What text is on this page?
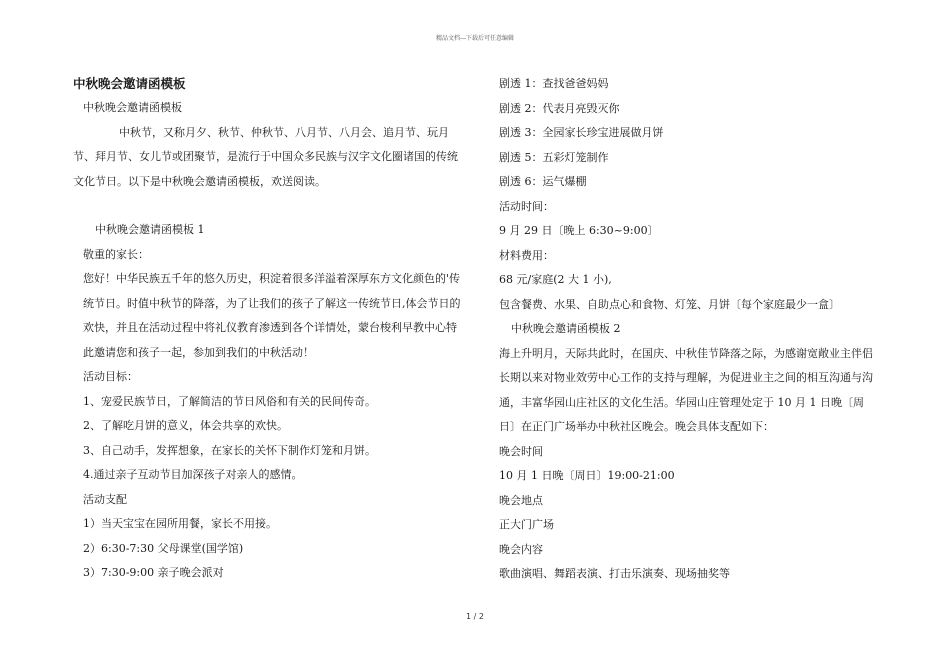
精品文档---下载后可任意编辑
中秋晚会邀请函模板
中秋晚会邀请函模板
中秋节，又称月夕、秋节、仲秋节、八月节、八月会、追月节、玩月节、拜月节、女儿节或团聚节，是流行于中国众多民族与汉字文化圈诸国的传统文化节日。以下是中秋晚会邀请函模板，欢送阅读。
中秋晚会邀请函模板 1
敬重的家长：
您好！中华民族五千年的悠久历史，积淀着很多洋溢着深厚东方文化颜色的'传统节日。时值中秋节的降落，为了让我们的孩子了解这一传统节日,体会节日的欢快，并且在活动过程中将礼仪教育渗透到各个详情处，蒙台梭利早教中心特此邀请您和孩子一起，参加到我们的中秋活动！
活动目标：
1、宠爱民族节日，了解简洁的节日风俗和有关的民间传奇。
2、了解吃月饼的意义，体会共享的欢快。
3、自己动手，发挥想象，在家长的关怀下制作灯笼和月饼。
4.通过亲子互动节目加深孩子对亲人的感情。
活动支配
1）当天宝宝在园所用餐，家长不用接。
2）6:30-7:30 父母课堂(国学馆)
3）7:30-9:00 亲子晚会派对
剧透 1：查找爸爸妈妈
剧透 2：代表月亮毁灭你
剧透 3：全园家长珍宝进展做月饼
剧透 5：五彩灯笼制作
剧透 6：运气爆棚
活动时间：
9 月 29 日〔晚上 6:30~9:00〕
材料费用：
68 元/家庭(2 大 1 小),
包含餐费、水果、自助点心和食物、灯笼、月饼〔每个家庭最少一盒〕
中秋晚会邀请函模板 2
海上升明月，天际共此时，在国庆、中秋佳节降落之际，为感谢宽敞业主伴侣长期以来对物业效劳中心工作的支持与理解，为促进业主之间的相互沟通与沟通，丰富华园山庄社区的文化生活。华园山庄管理处定于 10 月 1 日晚〔周日〕在正门广场举办中秋社区晚会。晚会具体支配如下：
晚会时间
10 月 1 日晚〔周日〕19:00-21:00
晚会地点
正大门广场
晚会内容
歌曲演唱、舞蹈表演、打击乐演奏、现场抽奖等
1 / 2
